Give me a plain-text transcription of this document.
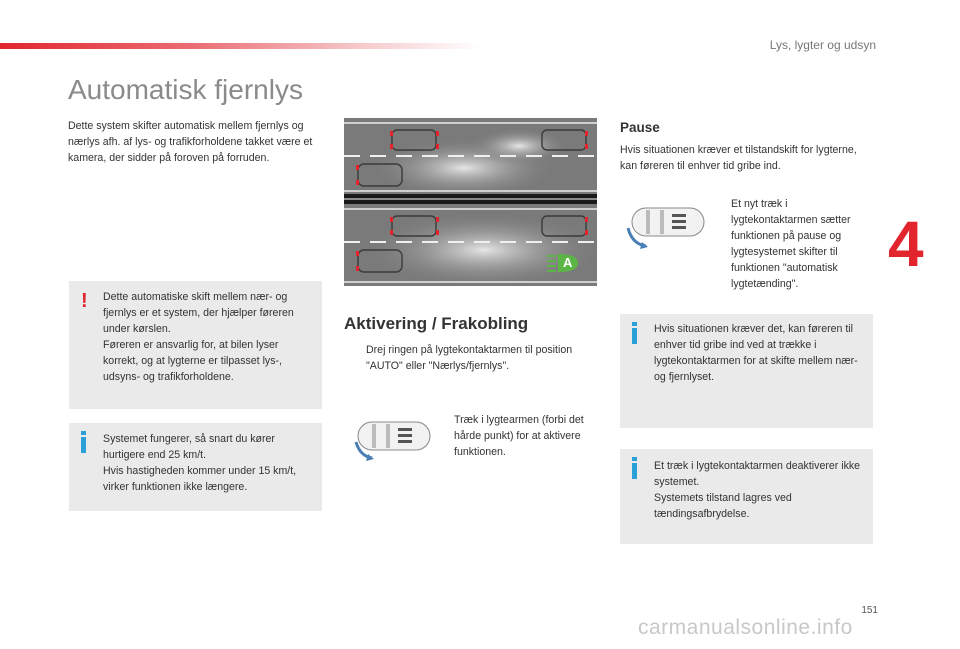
Lys, lygter og udsyn
4
Automatisk fjernlys
Dette system skifter automatisk mellem fjernlys og nærlys afh. af lys- og trafikforholdene takket være et kamera, der sidder på foroven på forruden.
! Dette automatiske skift mellem nær- og fjernlys er et system, der hjælper føreren under kørslen.
Føreren er ansvarlig for, at bilen lyser korrekt, og at lygterne er tilpasset lys-, udsyns- og trafikforholdene.
Systemet fungerer, så snart du kører hurtigere end 25 km/t.
Hvis hastigheden kommer under 15 km/t, virker funktionen ikke længere.
A
Aktivering / Frakobling
Drej ringen på lygtekontaktarmen til position "AUTO" eller "Nærlys/fjernlys".
Træk i lygtearmen (forbi det hårde punkt) for at aktivere funktionen.
Pause
Hvis situationen kræver et tilstandskift for lygterne, kan føreren til enhver tid gribe ind.
Et nyt træk i lygtekontaktarmen sætter funktionen på pause og lygtesystemet skifter til funktionen "automatisk lygtetænding".
Hvis situationen kræver det, kan føreren til enhver tid gribe ind ved at trække i lygtekontaktarmen for at skifte mellem nær- og fjernlyset.
Et træk i lygtekontaktarmen deaktiverer ikke systemet.
Systemets tilstand lagres ved tændingsafbrydelse.
151
carmanualsonline.info
